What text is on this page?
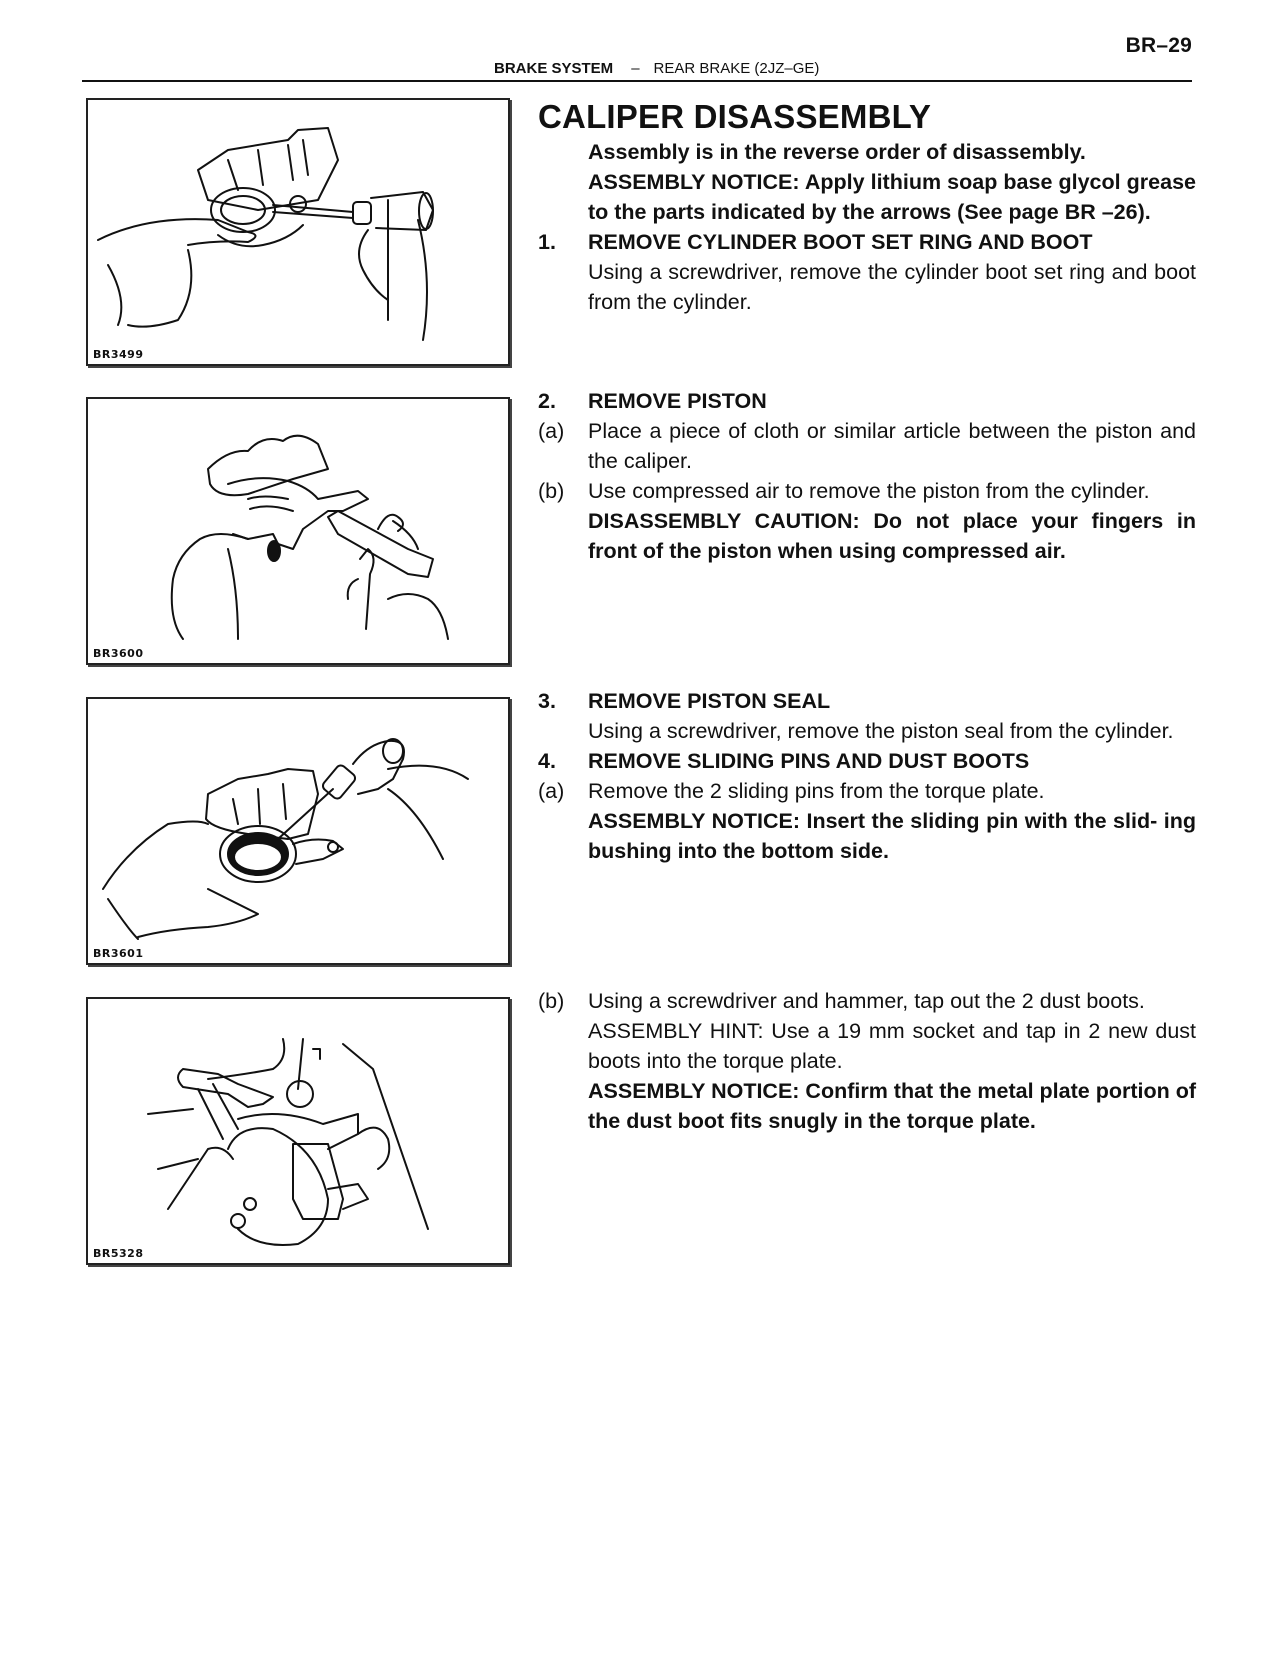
BR–29
BRAKE SYSTEM – REAR BRAKE (2JZ–GE)
BR3499
BR3600
BR3601
BR5328
CALIPER DISASSEMBLY
Assembly is in the reverse order of disassembly.
ASSEMBLY NOTICE: Apply lithium soap base glycol grease to the parts indicated by the arrows (See page BR –26).
1.	REMOVE CYLINDER BOOT SET RING AND BOOT
Using a screwdriver, remove the cylinder boot set ring and boot from the cylinder.
2.	REMOVE PISTON
(a)	Place a piece of cloth or similar article between the piston and the caliper.
(b)	Use compressed air to remove the piston from the cylinder.
DISASSEMBLY CAUTION: Do not place your fingers in front of the piston when using compressed air.
3.	REMOVE PISTON SEAL
Using a screwdriver, remove the piston seal from the cylinder.
4.	REMOVE SLIDING PINS AND DUST BOOTS
(a)	Remove the 2 sliding pins from the torque plate.
ASSEMBLY NOTICE: Insert the sliding pin with the slid- ing bushing into the bottom side.
(b)	Using a screwdriver and hammer, tap out the 2 dust boots.
ASSEMBLY HINT: Use a 19 mm socket and tap in 2 new dust boots into the torque plate.
ASSEMBLY NOTICE: Confirm that the metal plate portion of the dust boot fits snugly in the torque plate.
